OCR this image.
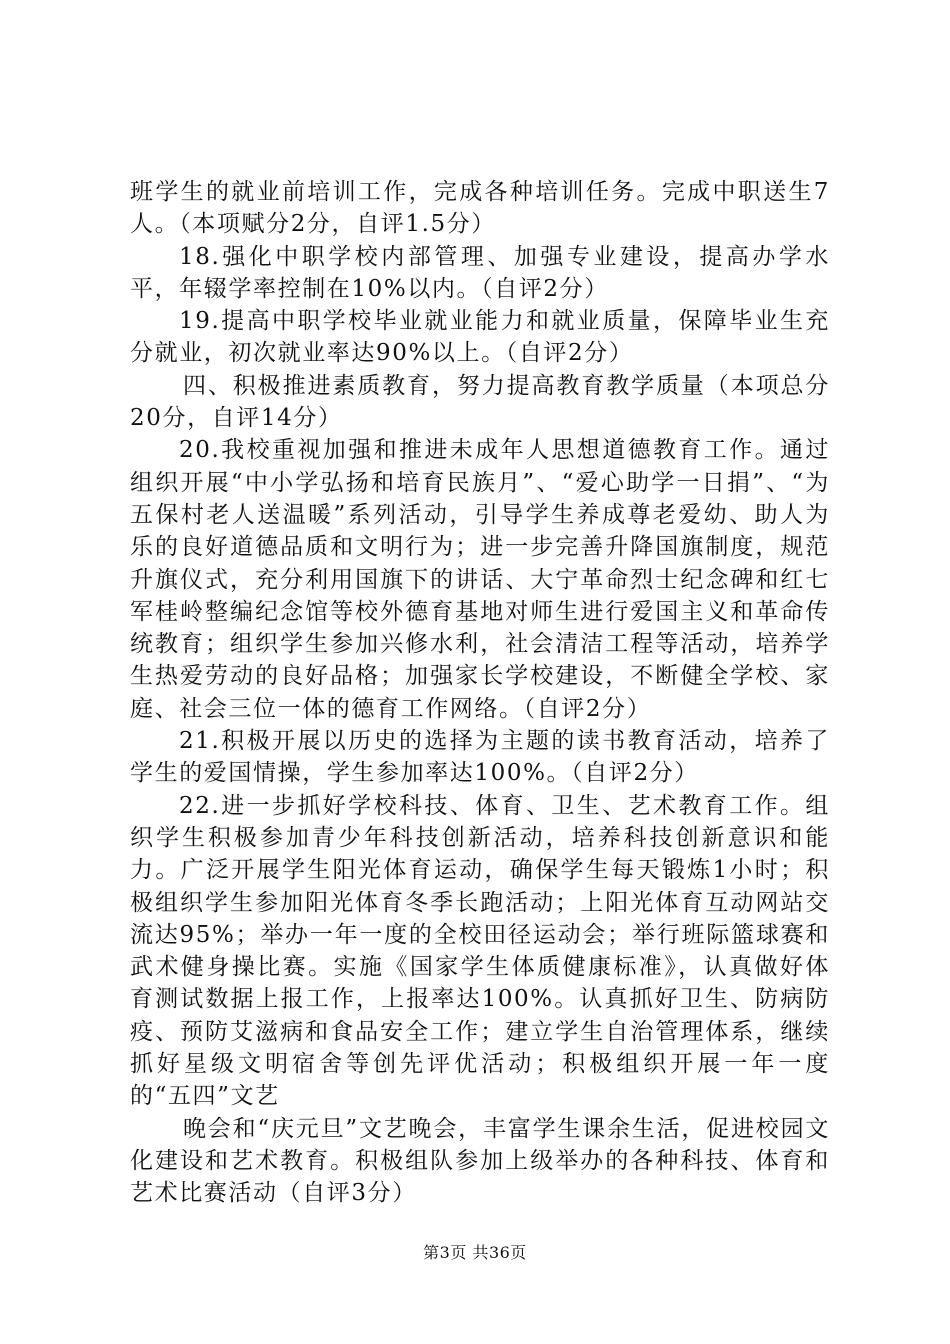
班学生的就业前培训工作，完成各种培训任务。完成中职送生7人。（本项赋分2分，自评1.5分）

18.强化中职学校内部管理、加强专业建设，提高办学水平，年辍学率控制在10%以内。（自评2分）

19.提高中职学校毕业就业能力和就业质量，保障毕业生充分就业，初次就业率达90%以上。（自评2分）

四、积极推进素质教育，努力提高教育教学质量（本项总分20分，自评14分）

20.我校重视加强和推进未成年人思想道德教育工作。通过组织开展“中小学弘扬和培育民族月”、“爱心助学一日捐”、“为五保村老人送温暖”系列活动，引导学生养成尊老爱幼、助人为乐的良好道德品质和文明行为；进一步完善升降国旗制度，规范升旗仪式，充分利用国旗下的讲话、大宁革命烈士纪念碑和红七军桂岭整编纪念馆等校外德育基地对师生进行爱国主义和革命传统教育；组织学生参加兴修水利，社会清洁工程等活动，培养学生热爱劳动的良好品格；加强家长学校建设，不断健全学校、家庭、社会三位一体的德育工作网络。（自评2分）

21.积极开展以历史的选择为主题的读书教育活动，培养了学生的爱国情操，学生参加率达100%。（自评2分）

22.进一步抓好学校科技、体育、卫生、艺术教育工作。组织学生积极参加青少年科技创新活动，培养科技创新意识和能力。广泛开展学生阳光体育运动，确保学生每天锻炼1小时；积极组织学生参加阳光体育冬季长跑活动；上阳光体育互动网站交流达95%；举办一年一度的全校田径运动会；举行班际篮球赛和武术健身操比赛。实施《国家学生体质健康标准》，认真做好体育测试数据上报工作，上报率达100%。认真抓好卫生、防病防疫、预防艾滋病和食品安全工作；建立学生自治管理体系，继续抓好星级文明宿舍等创先评优活动；积极组织开展一年一度的“五四”文艺

晚会和“庆元旦”文艺晚会，丰富学生课余生活，促进校园文化建设和艺术教育。积极组队参加上级举办的各种科技、体育和艺术比赛活动（自评3分）

第3页 共36页
